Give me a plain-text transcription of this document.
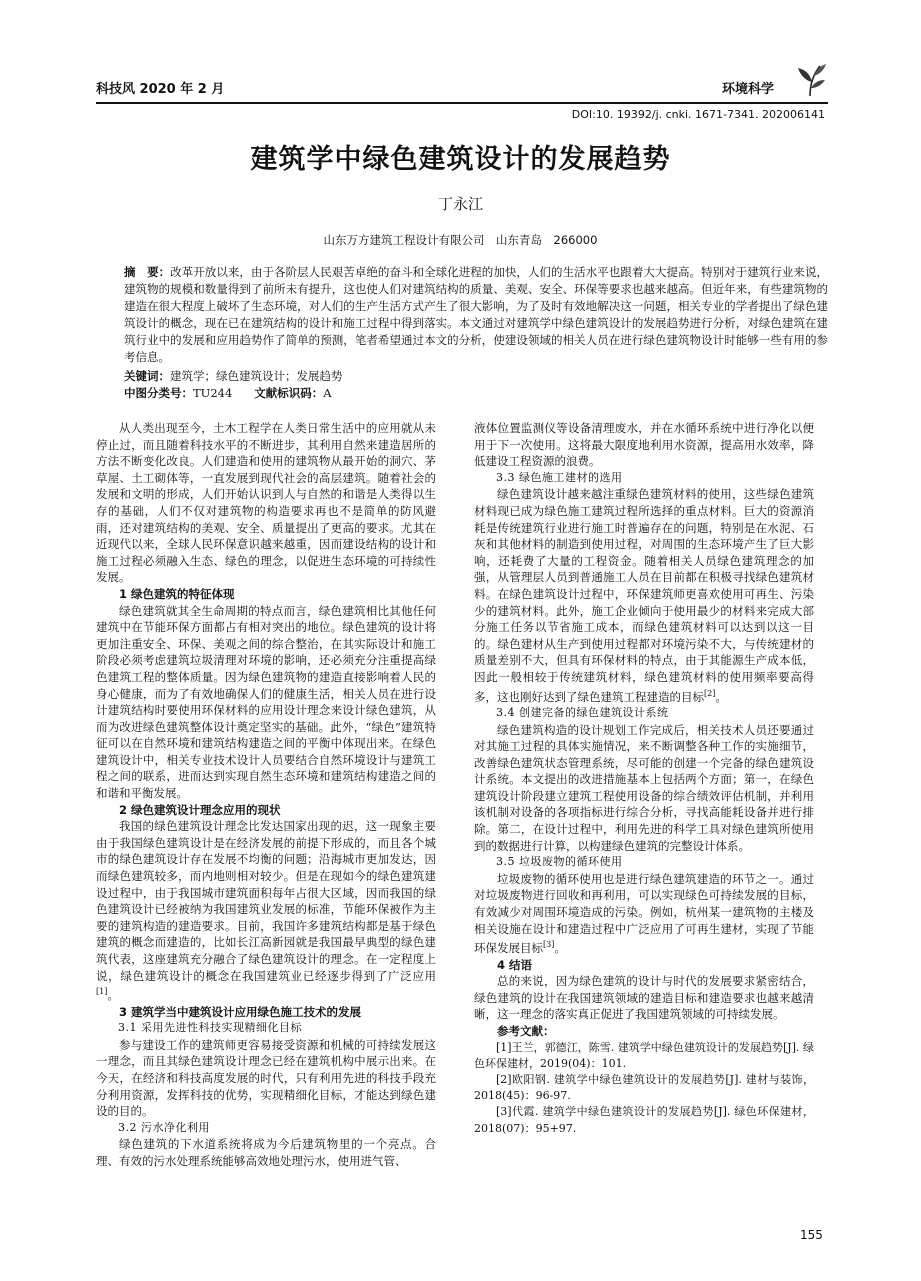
科技风 2020 年 2 月	环境科学
DOI:10. 19392/j. cnki. 1671-7341. 202006141
建筑学中绿色建筑设计的发展趋势
丁永江
山东万方建筑工程设计有限公司　山东青岛　266000
摘　要：改革开放以来，由于各阶层人民艰苦卓绝的奋斗和全球化进程的加快，人们的生活水平也跟着大大提高。特别对于建筑行业来说，建筑物的规模和数量得到了前所未有提升，这也使人们对建筑结构的质量、美观、安全、环保等要求也越来越高。但近年来，有些建筑物的建造在很大程度上破坏了生态环境，对人们的生产生活方式产生了很大影响，为了及时有效地解决这一问题，相关专业的学者提出了绿色建筑设计的概念，现在已在建筑结构的设计和施工过程中得到落实。本文通过对建筑学中绿色建筑设计的发展趋势进行分析，对绿色建筑在建筑行业中的发展和应用趋势作了简单的预测，笔者希望通过本文的分析，使建设领域的相关人员在进行绿色建筑物设计时能够一些有用的参考信息。
关键词：建筑学；绿色建筑设计；发展趋势
中图分类号：TU244 文献标识码：A

从人类出现至今，土木工程学在人类日常生活中的应用就从未停止过，而且随着科技水平的不断进步，其利用自然来建造居所的方法不断变化改良。人们建造和使用的建筑物从最开始的洞穴、茅草屋、土工砌体等，一直发展到现代社会的高层建筑。随着社会的发展和文明的形成，人们开始认识到人与自然的和谐是人类得以生存的基础，人们不仅对建筑物的构造要求再也不是简单的防风避雨，还对建筑结构的美观、安全、质量提出了更高的要求。尤其在近现代以来，全球人民环保意识越来越重，因而建设结构的设计和施工过程必须融入生态、绿色的理念，以促进生态环境的可持续性发展。

1 绿色建筑的特征体现

绿色建筑就其全生命周期的特点而言，绿色建筑相比其他任何建筑中在节能环保方面都占有相对突出的地位。绿色建筑的设计将更加注重安全、环保、美观之间的综合整治，在其实际设计和施工阶段必须考虑建筑垃圾清理对环境的影响，还必须充分注重提高绿色建筑工程的整体质量。因为绿色建筑物的建造直接影响着人民的身心健康，而为了有效地确保人们的健康生活，相关人员在进行设计建筑结构时要使用环保材料的应用设计理念来设计绿色建筑，从而为改进绿色建筑整体设计奠定坚实的基础。此外，“绿色”建筑特征可以在自然环境和建筑结构建造之间的平衡中体现出来。在绿色建筑设计中，相关专业技术设计人员要结合自然环境设计与建筑工程之间的联系，进而达到实现自然生态环境和建筑结构建造之间的和谐和平衡发展。

2 绿色建筑设计理念应用的现状

我国的绿色建筑设计理念比发达国家出现的迟，这一现象主要由于我国绿色建筑设计是在经济发展的前提下形成的，而且各个城市的绿色建筑设计存在发展不均衡的问题；沿海城市更加发达，因而绿色建筑较多，而内地则相对较少。但是在现如今的绿色建筑建设过程中，由于我国城市建筑面积每年占很大区域，因而我国的绿色建筑设计已经被纳为我国建筑业发展的标准，节能环保被作为主要的建筑构造的建造要求。目前，我国许多建筑结构都是基于绿色建筑的概念而建造的，比如长江高新园就是我国最早典型的绿色建筑代表，这座建筑充分融合了绿色建筑设计的理念。在一定程度上说，绿色建筑设计的概念在我国建筑业已经逐步得到了广泛应用[1]。

3 建筑学当中建筑设计应用绿色施工技术的发展
3.1 采用先进性科技实现精细化目标

参与建设工作的建筑师更容易接受资源和机械的可持续发展这一理念，而且其绿色建筑设计理念已经在建筑机构中展示出来。在今天，在经济和科技高度发展的时代，只有利用先进的科技手段充分利用资源，发挥科技的优势，实现精细化目标，才能达到绿色建设的目的。

3.2 污水净化利用

绿色建筑的下水道系统将成为今后建筑物里的一个亮点。合理、有效的污水处理系统能够高效地处理污水，使用进气管、

液体位置监测仪等设备清理废水，并在水循环系统中进行净化以便用于下一次使用。这将最大限度地利用水资源，提高用水效率，降低建设工程资源的浪费。

3.3 绿色施工建材的选用

绿色建筑设计越来越注重绿色建筑材料的使用，这些绿色建筑材料现已成为绿色施工建筑过程所选择的重点材料。巨大的资源消耗是传统建筑行业进行施工时普遍存在的问题，特别是在水泥、石灰和其他材料的制造到使用过程，对周围的生态环境产生了巨大影响，还耗费了大量的工程资金。随着相关人员绿色建筑理念的加强，从管理层人员到普通施工人员在目前都在积极寻找绿色建筑材料。在绿色建筑设计过程中，环保建筑师更喜欢使用可再生、污染少的建筑材料。此外，施工企业倾向于使用最少的材料来完成大部分施工任务以节省施工成本，而绿色建筑材料可以达到以这一目的。绿色建材从生产到使用过程都对环境污染不大，与传统建材的质量差别不大，但具有环保材料的特点，由于其能源生产成本低，因此一般相较于传统建筑材料，绿色建筑材料的使用频率要高得多，这也刚好达到了绿色建筑工程建造的目标[2]。

3.4 创建完备的绿色建筑设计系统

绿色建筑构造的设计规划工作完成后，相关技术人员还要通过对其施工过程的具体实施情况，来不断调整各种工作的实施细节，改善绿色建筑状态管理系统，尽可能的创建一个完备的绿色建筑设计系统。本文提出的改进措施基本上包括两个方面；第一，在绿色建筑设计阶段建立建筑工程使用设备的综合绩效评估机制，并利用该机制对设备的各项指标进行综合分析，寻找高能耗设备并进行排除。第二，在设计过程中，利用先进的科学工具对绿色建筑所使用到的数据进行计算，以构建绿色建筑的完整设计体系。

3.5 垃圾废物的循环使用

垃圾废物的循环使用也是进行绿色建筑建造的环节之一。通过对垃圾废物进行回收和再利用，可以实现绿色可持续发展的目标，有效减少对周围环境造成的污染。例如，杭州某一建筑物的主楼及相关设施在设计和建造过程中广泛应用了可再生建材，实现了节能环保发展目标[3]。

4 结语

总的来说，因为绿色建筑的设计与时代的发展要求紧密结合，绿色建筑的设计在我国建筑领域的建造目标和建造要求也越来越清晰，这一理念的落实真正促进了我国建筑领域的可持续发展。

参考文献：

[1]王兰，郭德江，陈雪. 建筑学中绿色建筑设计的发展趋势[J]. 绿色环保建材，2019(04)：101.

[2]欧阳钢. 建筑学中绿色建筑设计的发展趋势[J]. 建材与装饰，2018(45)：96-97.

[3]代霞. 建筑学中绿色建筑设计的发展趋势[J]. 绿色环保建材，2018(07)：95+97.

155
